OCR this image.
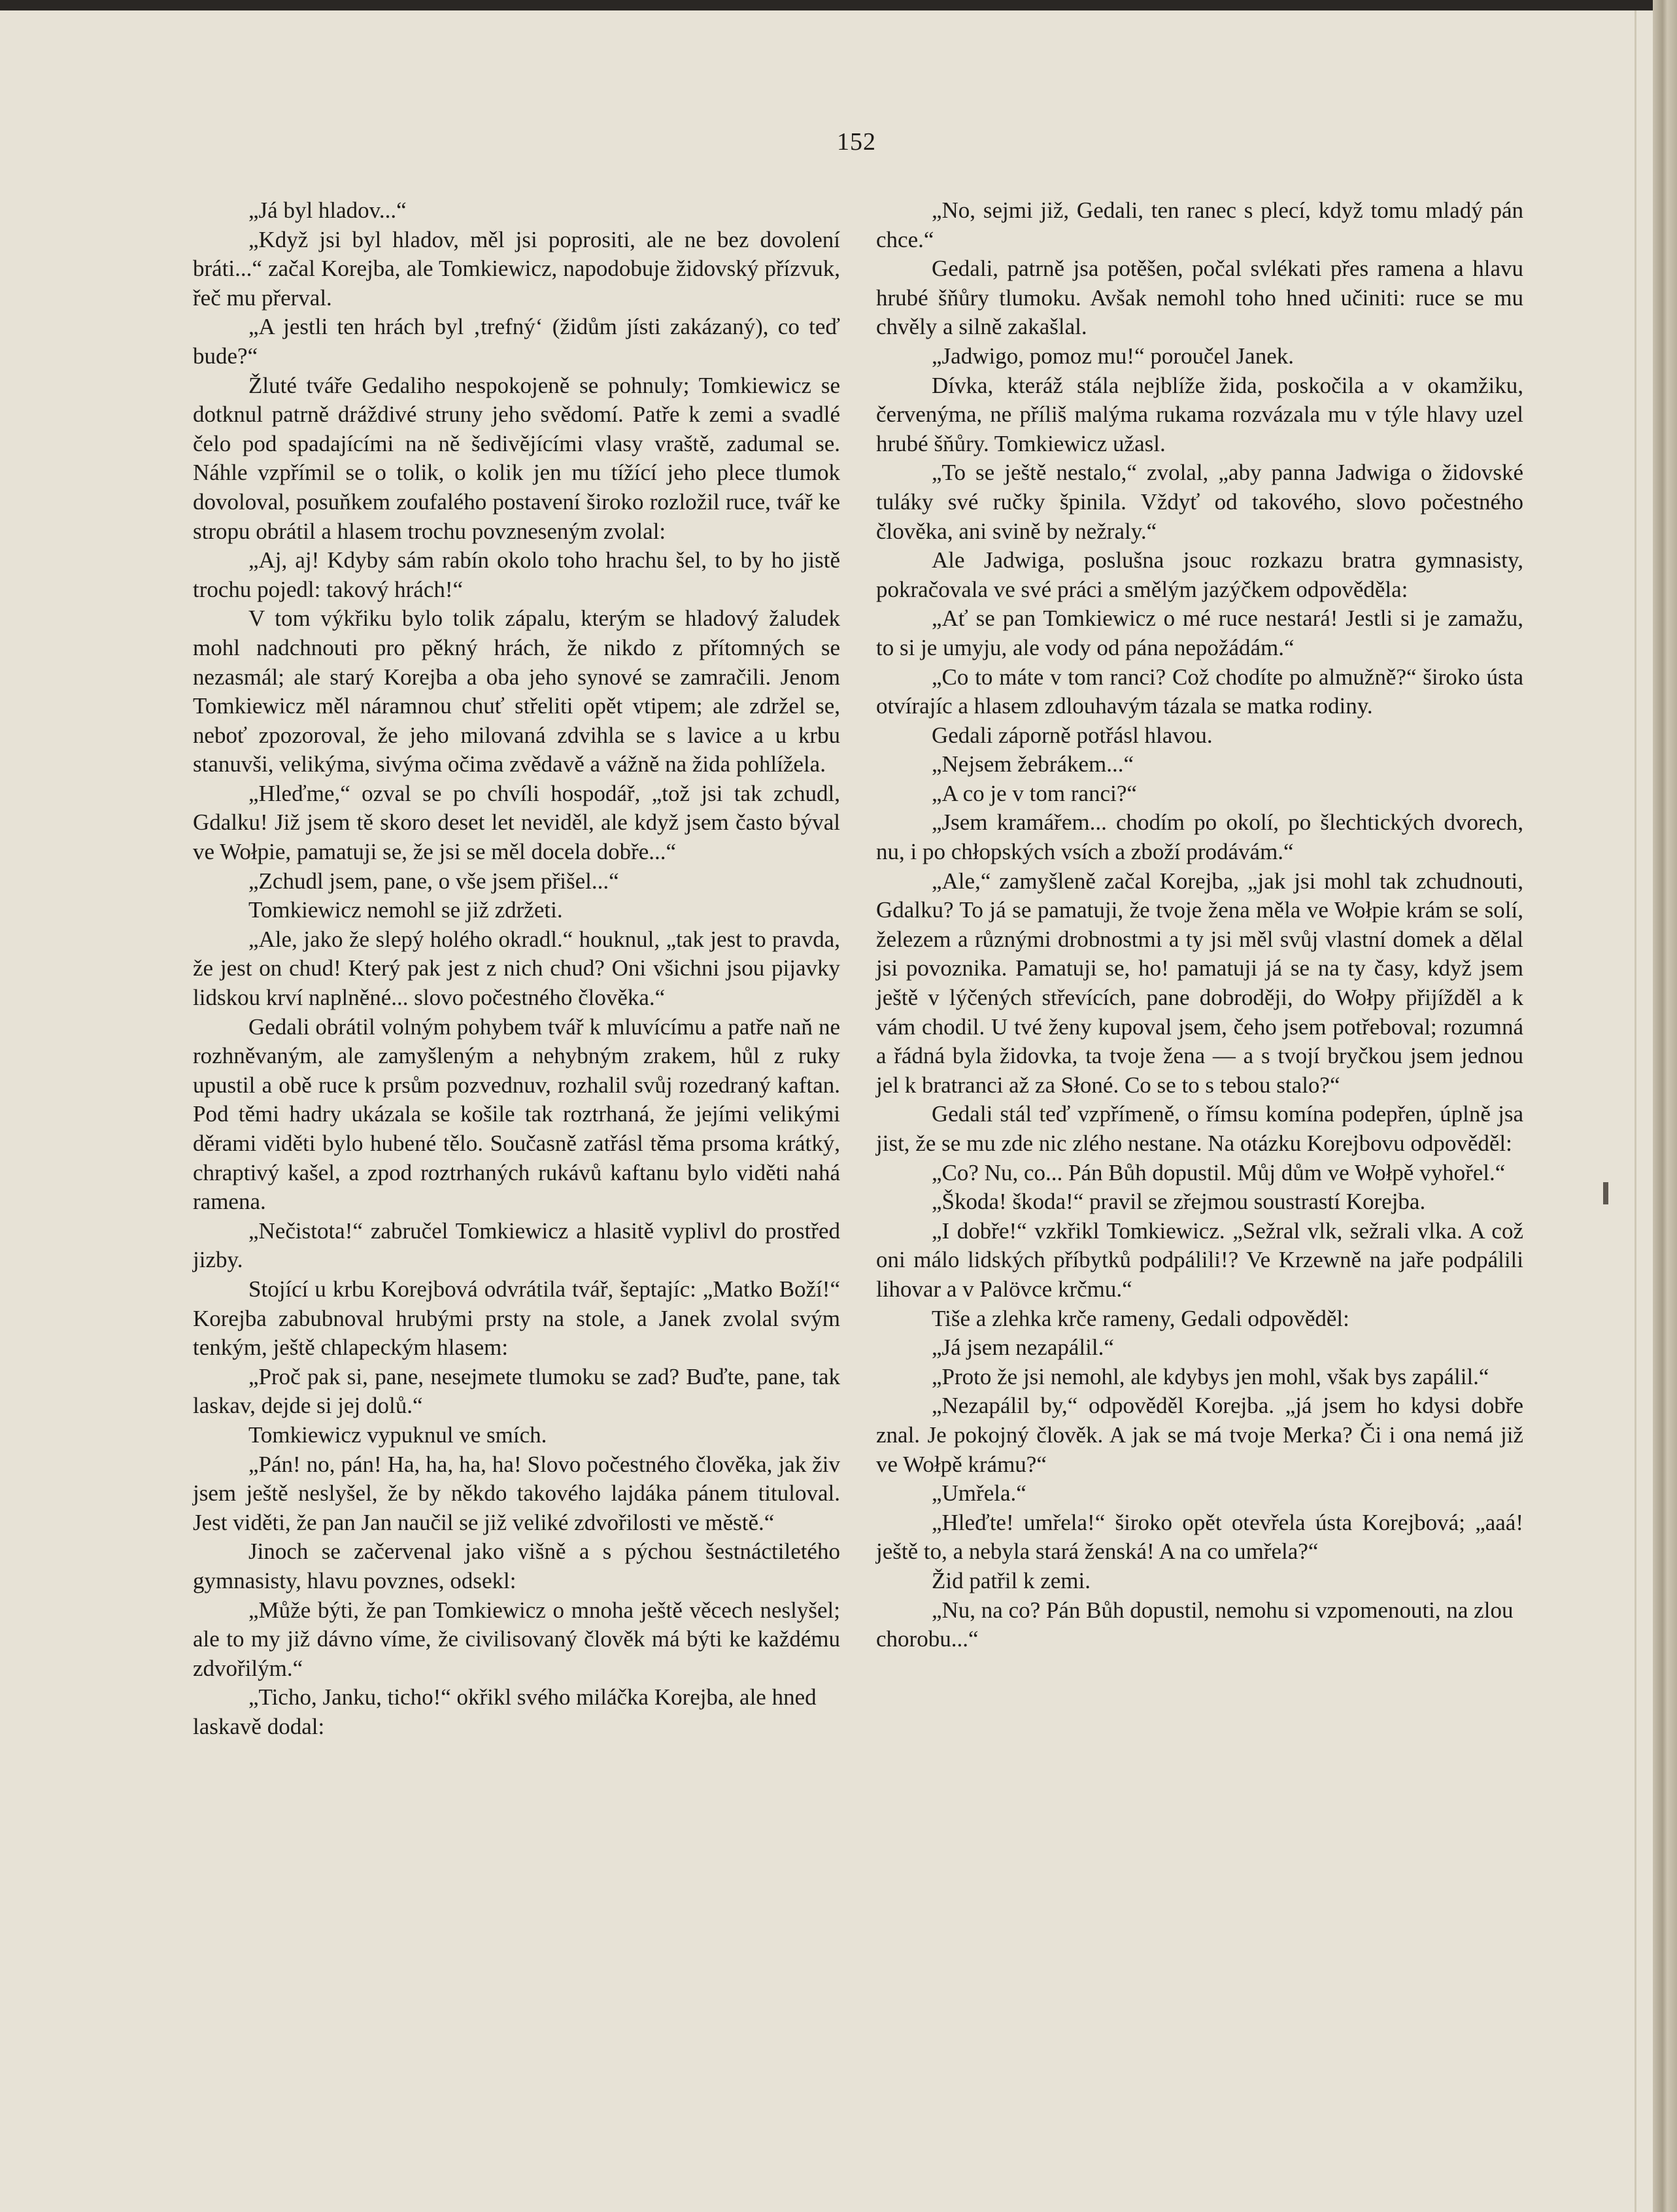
152

„Já byl hladov...“

„Když jsi byl hladov, měl jsi poprositi, ale ne bez dovolení bráti...“ začal Korejba, ale Tomkiewicz, napodobuje židovský přízvuk, řeč mu přerval.

„A jestli ten hrách byl ‚trefný‘ (židům jísti zakázaný), co teď bude?“

Žluté tváře Gedaliho nespokojeně se pohnuly; Tomkiewicz se dotknul patrně dráždivé struny jeho svědomí. Patře k zemi a svadlé čelo pod spadajícími na ně šedivějícími vlasy vraště, zadumal se. Náhle vzpřímil se o tolik, o kolik jen mu tížící jeho plece tlumok dovoloval, posuňkem zoufalého postavení široko rozložil ruce, tvář ke stropu obrátil a hlasem trochu povzneseným zvolal:

„Aj, aj! Kdyby sám rabín okolo toho hrachu šel, to by ho jistě trochu pojedl: takový hrách!“

V tom výkřiku bylo tolik zápalu, kterým se hladový žaludek mohl nadchnouti pro pěkný hrách, že nikdo z přítomných se nezasmál; ale starý Korejba a oba jeho synové se zamračili. Jenom Tomkiewicz měl náramnou chuť střeliti opět vtipem; ale zdržel se, neboť zpozoroval, že jeho milovaná zdvihla se s lavice a u krbu stanuvši, velikýma, sivýma očima zvědavě a vážně na žida pohlížela.

„Hleďme,“ ozval se po chvíli hospodář, „tož jsi tak zchudl, Gdalku! Již jsem tě skoro deset let neviděl, ale když jsem často býval ve Wołpie, pamatuji se, že jsi se měl docela dobře...“

„Zchudl jsem, pane, o vše jsem přišel...“

Tomkiewicz nemohl se již zdržeti.

„Ale, jako že slepý holého okradl.“ houknul, „tak jest to pravda, že jest on chud! Který pak jest z nich chud? Oni všichni jsou pijavky lidskou krví naplněné... slovo počestného člověka.“

Gedali obrátil volným pohybem tvář k mluvícímu a patře naň ne rozhněvaným, ale zamyšleným a nehybným zrakem, hůl z ruky upustil a obě ruce k prsům pozvednuv, rozhalil svůj rozedraný kaftan. Pod těmi hadry ukázala se košile tak roztrhaná, že jejími velikými děrami viděti bylo hubené tělo. Současně zatřásl těma prsoma krátký, chraptivý kašel, a zpod roztrhaných rukávů kaftanu bylo viděti nahá ramena.

„Nečistota!“ zabručel Tomkiewicz a hlasitě vyplivl do prostřed jizby.

Stojící u krbu Korejbová odvrátila tvář, šeptajíc: „Matko Boží!“ Korejba zabubnoval hrubými prsty na stole, a Janek zvolal svým tenkým, ještě chlapeckým hlasem:

„Proč pak si, pane, nesejmete tlumoku se zad? Buďte, pane, tak laskav, dejde si jej dolů.“

Tomkiewicz vypuknul ve smích.

„Pán! no, pán! Ha, ha, ha, ha! Slovo počestného člověka, jak živ jsem ještě neslyšel, že by někdo takového lajdáka pánem tituloval. Jest viděti, že pan Jan naučil se již veliké zdvořilosti ve městě.“

Jinoch se začervenal jako višně a s pýchou šestnáctiletého gymnasisty, hlavu povznes, odsekl:

„Může býti, že pan Tomkiewicz o mnoha ještě věcech neslyšel; ale to my již dávno víme, že civilisovaný člověk má býti ke každému zdvořilým.“

„Ticho, Janku, ticho!“ okřikl svého miláčka Korejba, ale hned laskavě dodal:

„No, sejmi již, Gedali, ten ranec s plecí, když tomu mladý pán chce.“

Gedali, patrně jsa potěšen, počal svlékati přes ramena a hlavu hrubé šňůry tlumoku. Avšak nemohl toho hned učiniti: ruce se mu chvěly a silně zakašlal.

„Jadwigo, pomoz mu!“ poroučel Janek.

Dívka, kteráž stála nejblíže žida, poskočila a v okamžiku, červenýma, ne příliš malýma rukama rozvázala mu v týle hlavy uzel hrubé šňůry. Tomkiewicz užasl.

„To se ještě nestalo,“ zvolal, „aby panna Jadwiga o židovské tuláky své ručky špinila. Vždyť od takového, slovo počestného člověka, ani svině by nežraly.“

Ale Jadwiga, poslušna jsouc rozkazu bratra gymnasisty, pokračovala ve své práci a smělým jazýčkem odpověděla:

„Ať se pan Tomkiewicz o mé ruce nestará! Jestli si je zamažu, to si je umyju, ale vody od pána nepožádám.“

„Co to máte v tom ranci? Což chodíte po almužně?“ široko ústa otvírajíc a hlasem zdlouhavým tázala se matka rodiny.

Gedali záporně potřásl hlavou.

„Nejsem žebrákem...“

„A co je v tom ranci?“

„Jsem kramářem... chodím po okolí, po šlechtických dvorech, nu, i po chłopských vsích a zboží prodávám.“

„Ale,“ zamyšleně začal Korejba, „jak jsi mohl tak zchudnouti, Gdalku? To já se pamatuji, že tvoje žena měla ve Wołpie krám se solí, železem a různými drobnostmi a ty jsi měl svůj vlastní domek a dělal jsi povoznika. Pamatuji se, ho! pamatuji já se na ty časy, když jsem ještě v lýčených střevících, pane dobroději, do Wołpy přijížděl a k vám chodil. U tvé ženy kupoval jsem, čeho jsem potřeboval; rozumná a řádná byla židovka, ta tvoje žena — a s tvojí bryčkou jsem jednou jel k bratranci až za Słoné. Co se to s tebou stalo?“

Gedali stál teď vzpřímeně, o římsu komína podepřen, úplně jsa jist, že se mu zde nic zlého nestane. Na otázku Korejbovu odpověděl:

„Co? Nu, co... Pán Bůh dopustil. Můj dům ve Wołpě vyhořel.“

„Škoda! škoda!“ pravil se zřejmou soustrastí Korejba.

„I dobře!“ vzkřikl Tomkiewicz. „Sežral vlk, sežrali vlka. A což oni málo lidských příbytků podpálili!? Ve Krzewně na jaře podpálili lihovar a v Palövce krčmu.“

Tiše a zlehka krče rameny, Gedali odpověděl:

„Já jsem nezapálil.“

„Proto že jsi nemohl, ale kdybys jen mohl, však bys zapálil.“

„Nezapálil by,“ odpověděl Korejba. „já jsem ho kdysi dobře znal. Je pokojný člověk. A jak se má tvoje Merka? Či i ona nemá již ve Wołpě krámu?“

„Umřela.“

„Hleďte! umřela!“ široko opět otevřela ústa Korejbová; „aaá! ještě to, a nebyla stará ženská! A na co umřela?“

Žid patřil k zemi.

„Nu, na co? Pán Bůh dopustil, nemohu si vzpomenouti, na zlou chorobu...“
